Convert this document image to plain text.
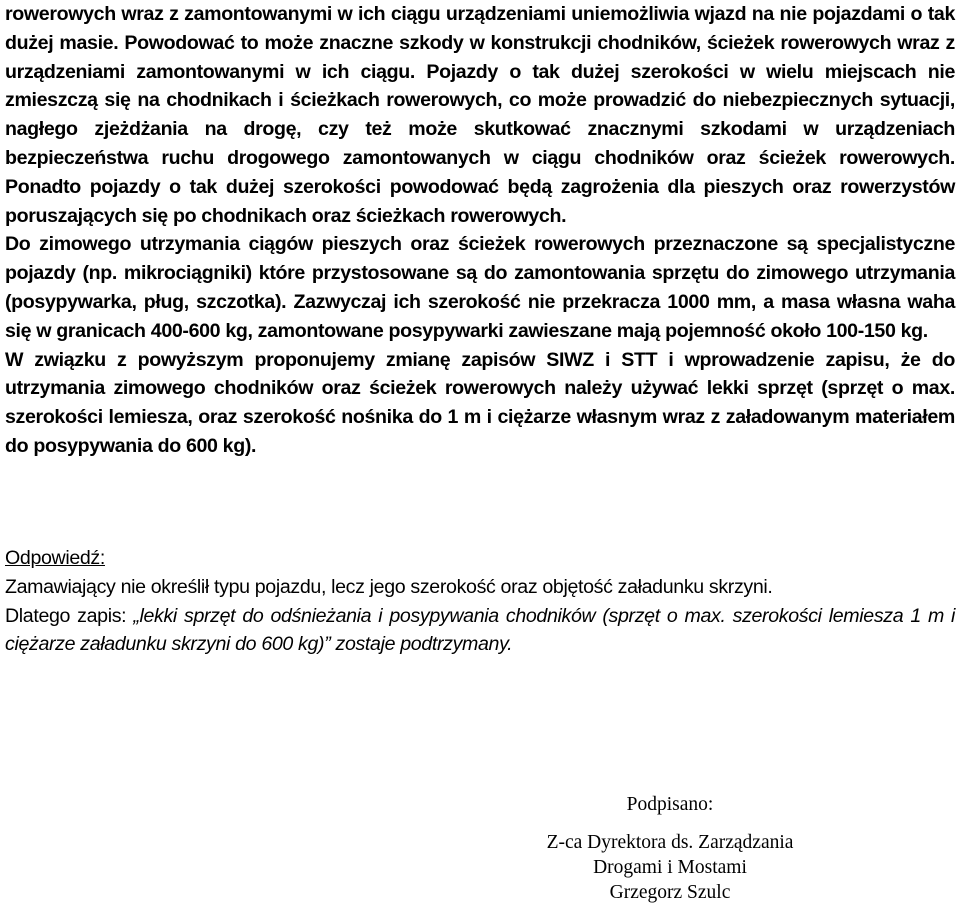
rowerowych wraz z zamontowanymi w ich ciągu urządzeniami uniemożliwia wjazd na nie pojazdami o tak dużej masie. Powodować to może znaczne szkody w konstrukcji chodników, ścieżek rowerowych wraz z urządzeniami zamontowanymi w ich ciągu. Pojazdy o tak dużej szerokości w wielu miejscach nie zmieszczą się na chodnikach i ścieżkach rowerowych, co może prowadzić do niebezpiecznych sytuacji, nagłego zjeżdżania na drogę, czy też może skutkować znacznymi szkodami w urządzeniach bezpieczeństwa ruchu drogowego zamontowanych w ciągu chodników oraz ścieżek rowerowych. Ponadto pojazdy o tak dużej szerokości powodować będą zagrożenia dla pieszych oraz rowerzystów poruszających się po chodnikach oraz ścieżkach rowerowych.

Do zimowego utrzymania ciągów pieszych oraz ścieżek rowerowych przeznaczone są specjalistyczne pojazdy (np. mikrociągniki) które przystosowane są do zamontowania sprzętu do zimowego utrzymania (posypywarka, pług, szczotka). Zazwyczaj ich szerokość nie przekracza 1000 mm, a masa własna waha się w granicach 400-600 kg, zamontowane posypywarki zawieszane mają pojemność około 100-150 kg.

W związku z powyższym proponujemy zmianę zapisów SIWZ i STT i wprowadzenie zapisu, że do utrzymania zimowego chodników oraz ścieżek rowerowych należy używać lekki sprzęt (sprzęt o max. szerokości lemiesza, oraz szerokość nośnika do 1 m i ciężarze własnym wraz z załadowanym materiałem do posypywania do 600 kg).

Odpowiedź:

Zamawiający nie określił typu pojazdu, lecz jego szerokość oraz objętość załadunku skrzyni.

Dlatego zapis: „lekki sprzęt do odśnieżania i posypywania chodników (sprzęt o max. szerokości lemiesza 1 m i ciężarze załadunku skrzyni do 600 kg)” zostaje podtrzymany.

Podpisano:
Z-ca Dyrektora ds. Zarządzania
Drogami i Mostami
Grzegorz Szulc
